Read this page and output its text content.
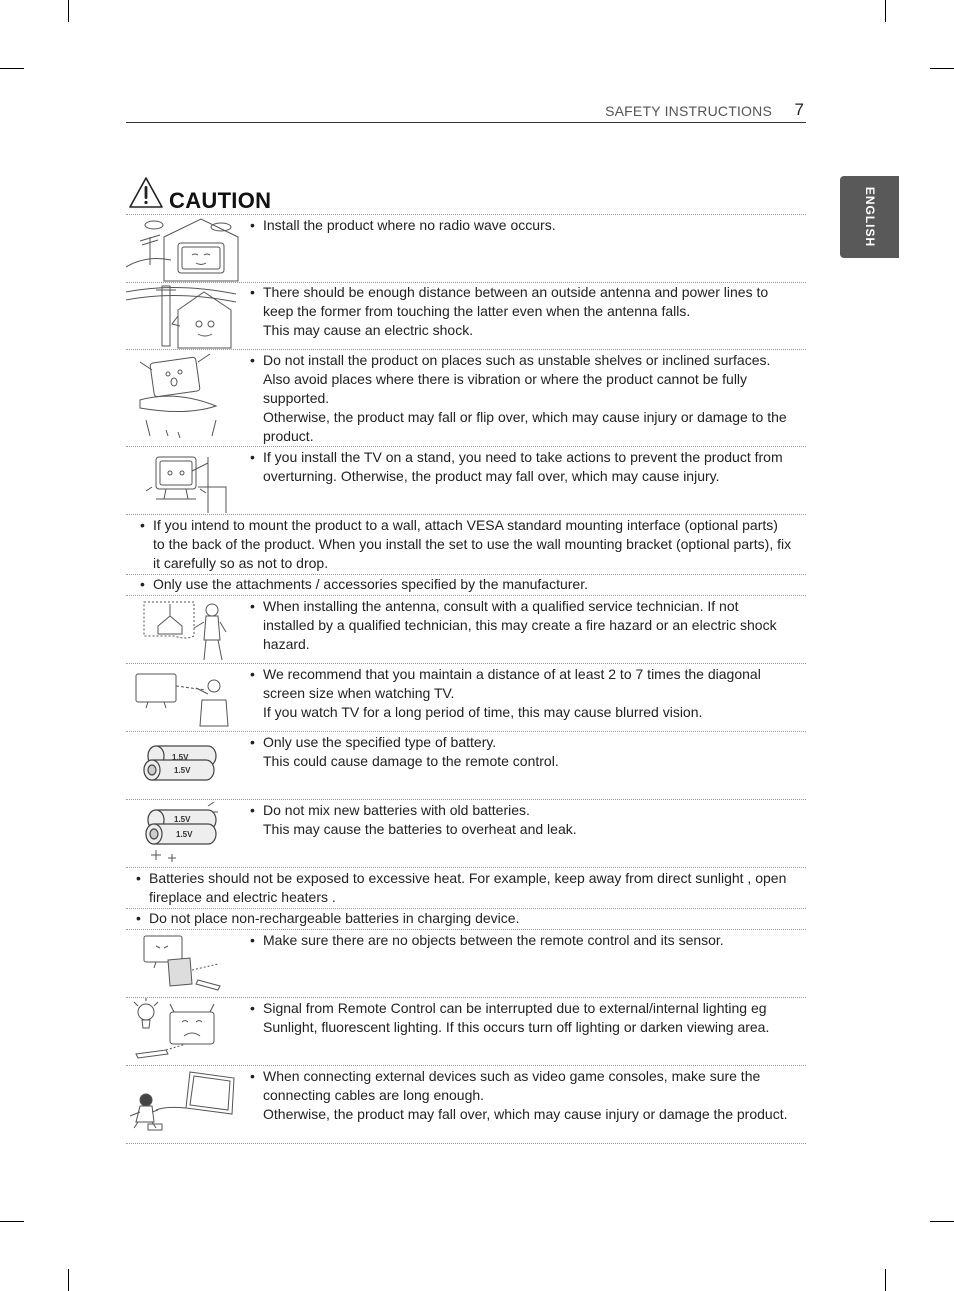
SAFETY INSTRUCTIONS 7
ENGLISH
CAUTION
• Install the product where no radio wave occurs.

• There should be enough distance between an outside antenna and power lines to keep the former from touching the latter even when the antenna falls.

This may cause an electric shock.

• Do not install the product on places such as unstable shelves or inclined surfaces.

Also avoid places where there is vibration or where the product cannot be fully supported.

Otherwise, the product may fall or flip over, which may cause injury or damage to the product.

• If you install the TV on a stand, you need to take actions to prevent the product from overturning. Otherwise, the product may fall over, which may cause injury.

• If you intend to mount the product to a wall, attach VESA standard mounting interface (optional parts) to the back of the product. When you install the set to use the wall mounting bracket (optional parts), fix it carefully so as not to drop.

• Only use the attachments / accessories specified by the manufacturer.

• When installing the antenna, consult with a qualified service technician. If not installed by a qualified technician, this may create a fire hazard or an electric shock hazard.

• We recommend that you maintain a distance of at least 2 to 7 times the diagonal screen size when watching TV.

If you watch TV for a long period of time, this may cause blurred vision.

1.5V
1.5V
• Only use the specified type of battery.

This could cause damage to the remote control.

1.5V
1.5V
• Do not mix new batteries with old batteries.

This may cause the batteries to overheat and leak.

• Batteries should not be exposed to excessive heat. For example, keep away from direct sunlight , open fireplace and electric heaters .

• Do not place non-rechargeable batteries in charging device.

• Make sure there are no objects between the remote control and its sensor.

• Signal from Remote Control can be interrupted due to external/internal lighting eg Sunlight, fluorescent lighting. If this occurs turn off lighting or darken viewing area.

• When connecting external devices such as video game consoles, make sure the connecting cables are long enough.

Otherwise, the product may fall over, which may cause injury or damage the product.
